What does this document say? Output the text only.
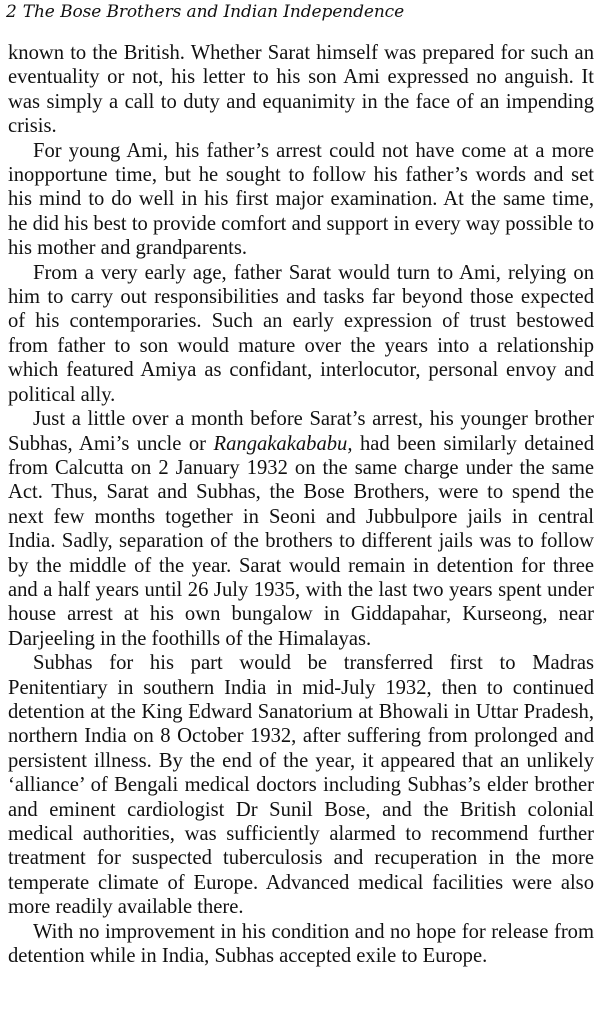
2 The Bose Brothers and Indian Independence

known to the British. Whether Sarat himself was prepared for such an eventuality or not, his letter to his son Ami expressed no anguish. It was simply a call to duty and equanimity in the face of an impending crisis.

For young Ami, his father’s arrest could not have come at a more inopportune time, but he sought to follow his father’s words and set his mind to do well in his first major examination. At the same time, he did his best to provide comfort and support in every way possible to his mother and grandparents.

From a very early age, father Sarat would turn to Ami, relying on him to carry out responsibilities and tasks far beyond those expected of his contemporaries. Such an early expression of trust bestowed from father to son would mature over the years into a relationship which featured Amiya as confidant, interlocutor, personal envoy and political ally.

Just a little over a month before Sarat’s arrest, his younger brother Subhas, Ami’s uncle or Rangakakababu, had been similarly detained from Calcutta on 2 January 1932 on the same charge under the same Act. Thus, Sarat and Subhas, the Bose Brothers, were to spend the next few months together in Seoni and Jubbulpore jails in central India. Sadly, separation of the brothers to different jails was to follow by the middle of the year. Sarat would remain in detention for three and a half years until 26 July 1935, with the last two years spent under house arrest at his own bungalow in Giddapahar, Kurseong, near Darjeeling in the foothills of the Himalayas.

Subhas for his part would be transferred first to Madras Penitentiary in southern India in mid-July 1932, then to continued detention at the King Edward Sanatorium at Bhowali in Uttar Pradesh, northern India on 8 October 1932, after suffering from prolonged and persistent illness. By the end of the year, it appeared that an unlikely ‘alliance’ of Bengali medical doctors including Subhas’s elder brother and eminent cardiologist Dr Sunil Bose, and the British colonial medical authorities, was sufficiently alarmed to recommend further treatment for suspected tuberculosis and recuperation in the more temperate climate of Europe. Advanced medical facilities were also more readily available there.

With no improvement in his condition and no hope for release from detention while in India, Subhas accepted exile to Europe.
